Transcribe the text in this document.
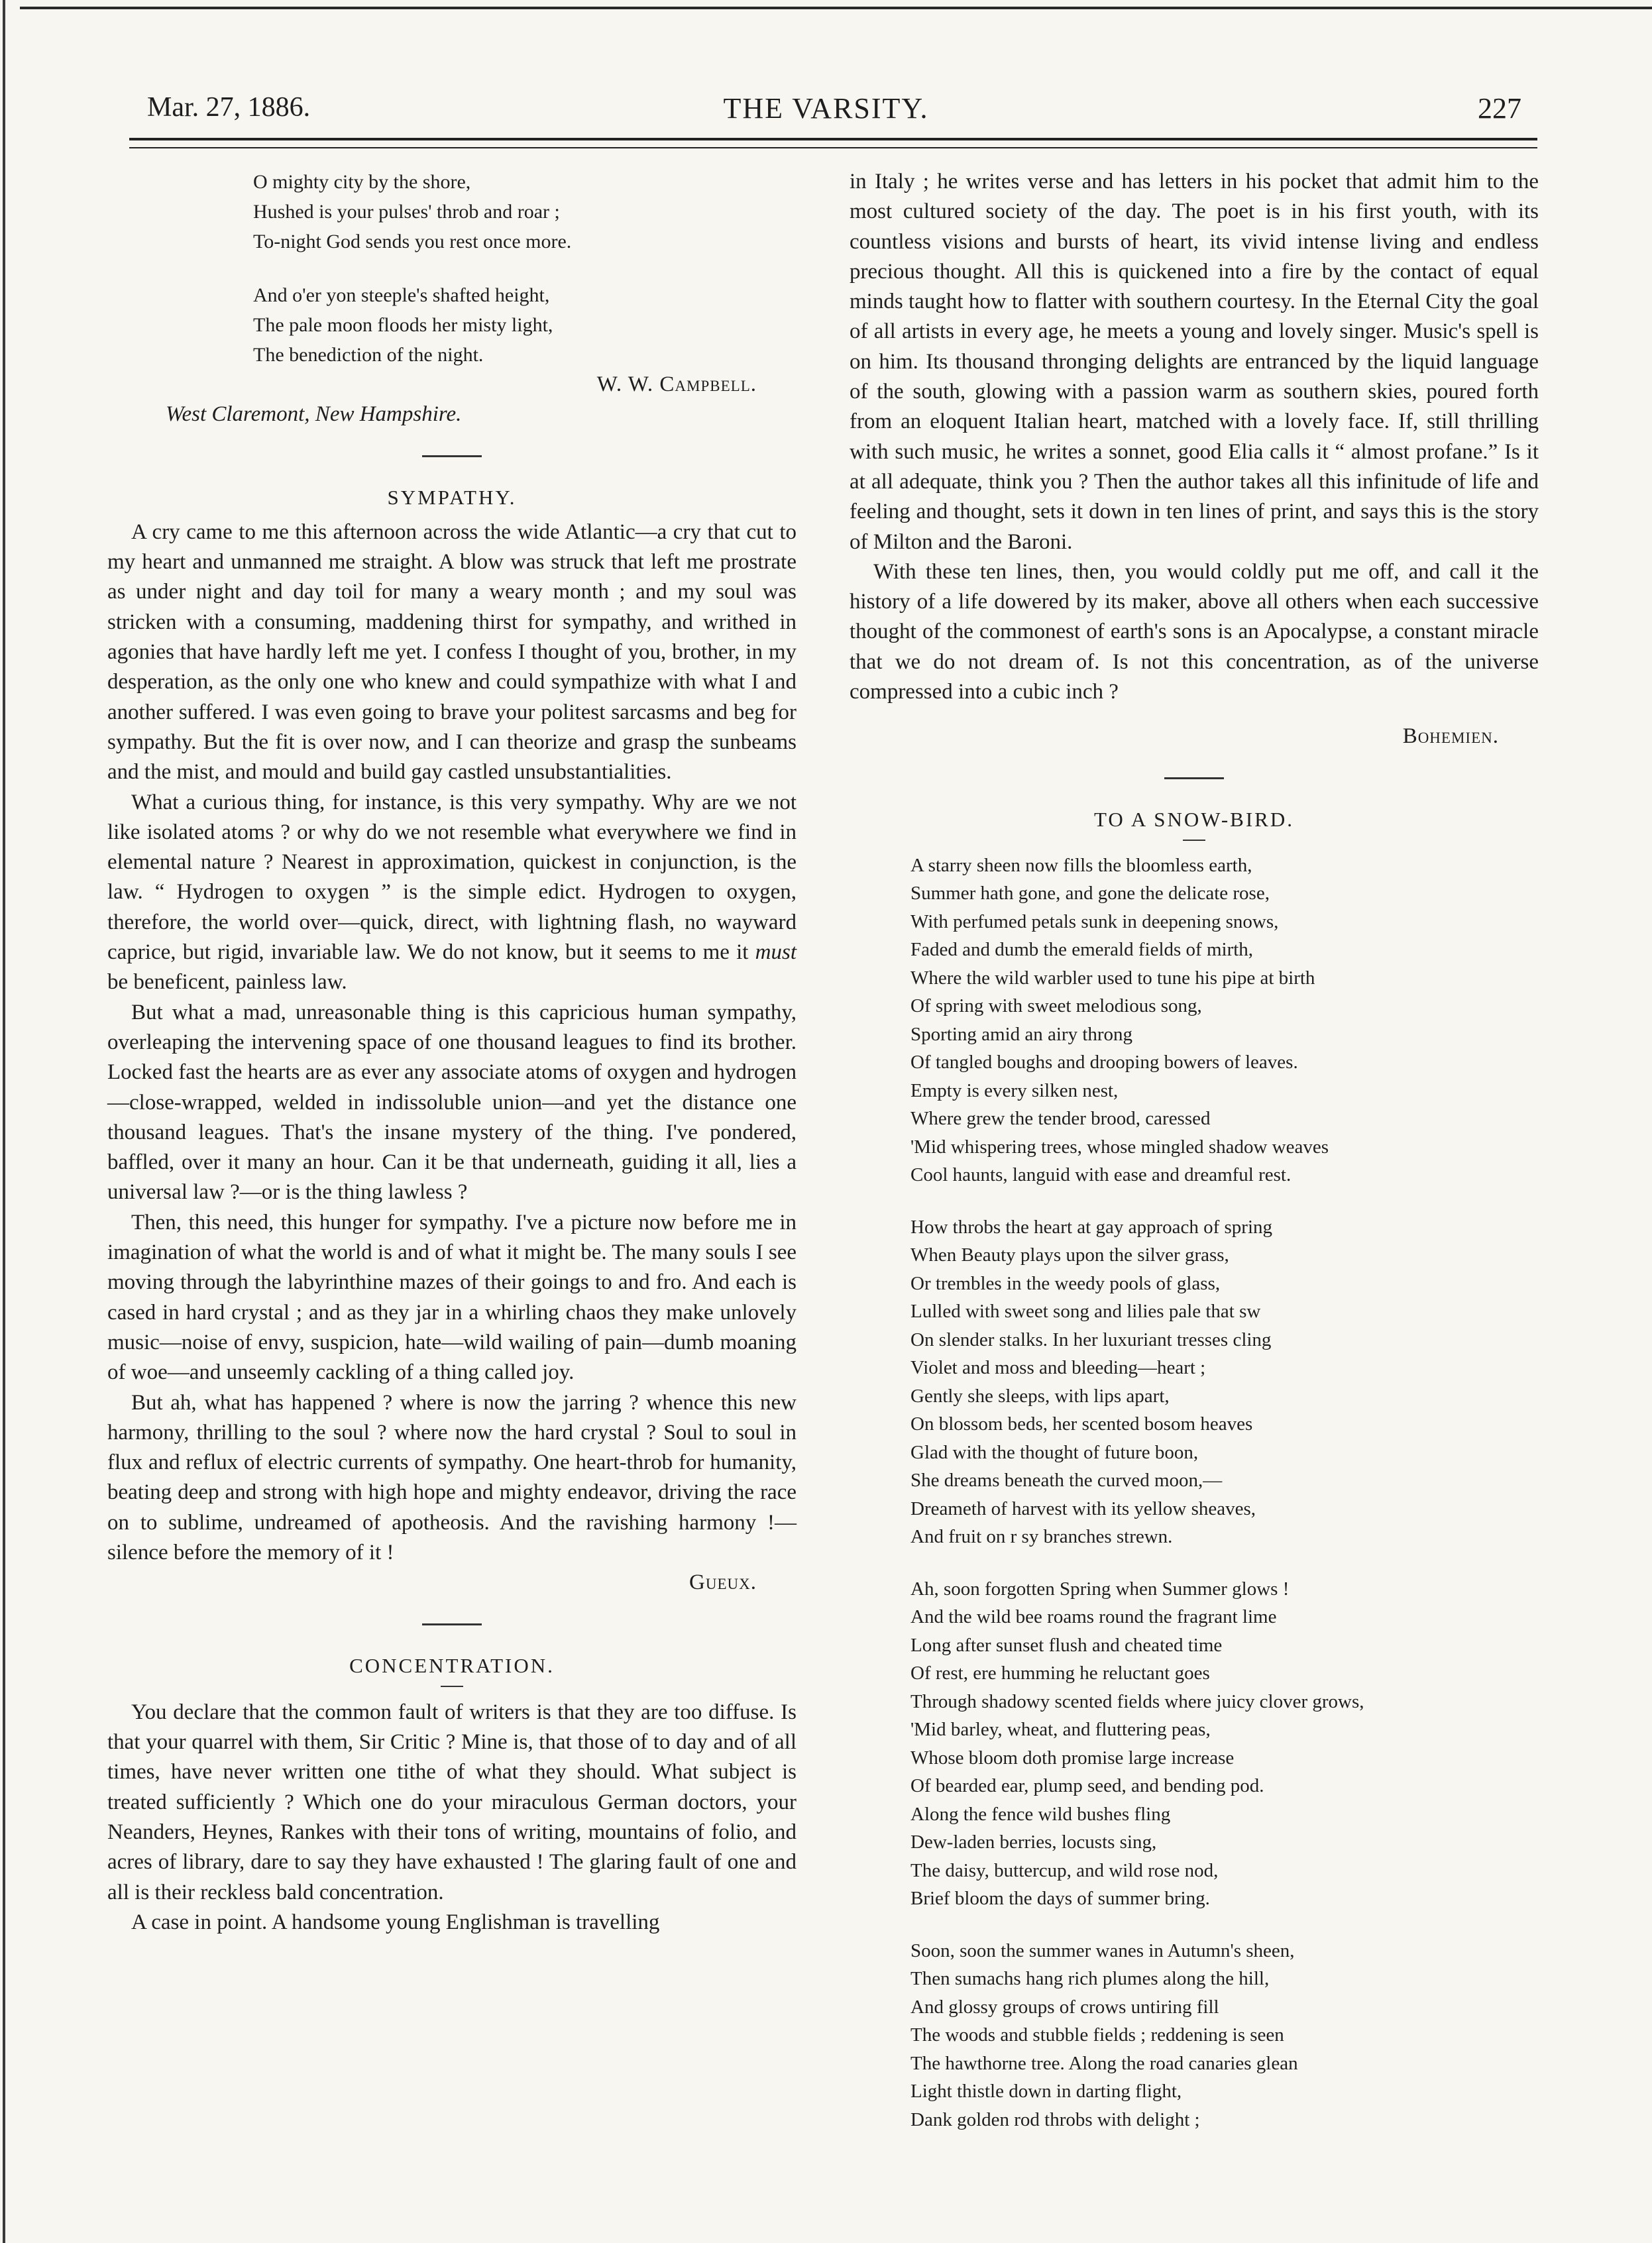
Mar. 27, 1886.	THE VARSITY.	227
O mighty city by the shore,
Hushed is your pulses' throb and roar ;
To-night God sends you rest once more.
And o'er yon steeple's shafted height,
The pale moon floods her misty light,
The benediction of the night.

W. W. Campbell.

West Claremont, New Hampshire.

SYMPATHY.

A cry came to me this afternoon across the wide Atlantic—a cry that cut to my heart and unmanned me straight. A blow was struck that left me prostrate as under night and day toil for many a weary month ; and my soul was stricken with a consuming, maddening thirst for sympathy, and writhed in agonies that have hardly left me yet. I confess I thought of you, brother, in my desperation, as the only one who knew and could sympathize with what I and another suffered. I was even going to brave your politest sarcasms and beg for sympathy. But the fit is over now, and I can theorize and grasp the sunbeams and the mist, and mould and build gay castled unsubstantialities.

What a curious thing, for instance, is this very sympathy. Why are we not like isolated atoms ? or why do we not resemble what everywhere we find in elemental nature ? Nearest in approximation, quickest in conjunction, is the law. “ Hydrogen to oxygen ” is the simple edict. Hydrogen to oxygen, therefore, the world over—quick, direct, with lightning flash, no wayward caprice, but rigid, invariable law. We do not know, but it seems to me it must be beneficent, painless law.

But what a mad, unreasonable thing is this capricious human sympathy, overleaping the intervening space of one thousand leagues to find its brother. Locked fast the hearts are as ever any associate atoms of oxygen and hydrogen—close-wrapped, welded in indissoluble union—and yet the distance one thousand leagues. That's the insane mystery of the thing. I've pondered, baffled, over it many an hour. Can it be that underneath, guiding it all, lies a universal law ?—or is the thing lawless ?

Then, this need, this hunger for sympathy. I've a picture now before me in imagination of what the world is and of what it might be. The many souls I see moving through the labyrinthine mazes of their goings to and fro. And each is cased in hard crystal ; and as they jar in a whirling chaos they make unlovely music—noise of envy, suspicion, hate—wild wailing of pain—dumb moaning of woe—and unseemly cackling of a thing called joy.

But ah, what has happened ? where is now the jarring ? whence this new harmony, thrilling to the soul ? where now the hard crystal ? Soul to soul in flux and reflux of electric currents of sympathy. One heart-throb for humanity, beating deep and strong with high hope and mighty endeavor, driving the race on to sublime, undreamed of apotheosis. And the ravishing harmony !—silence before the memory of it !

Gueux.

CONCENTRATION.

You declare that the common fault of writers is that they are too diffuse. Is that your quarrel with them, Sir Critic ? Mine is, that those of to day and of all times, have never written one tithe of what they should. What subject is treated sufficiently ? Which one do your miraculous German doctors, your Neanders, Heynes, Rankes with their tons of writing, mountains of folio, and acres of library, dare to say they have exhausted ! The glaring fault of one and all is their reckless bald concentration.

A case in point. A handsome young Englishman is travelling

in Italy ; he writes verse and has letters in his pocket that admit him to the most cultured society of the day. The poet is in his first youth, with its countless visions and bursts of heart, its vivid intense living and endless precious thought. All this is quickened into a fire by the contact of equal minds taught how to flatter with southern courtesy. In the Eternal City the goal of all artists in every age, he meets a young and lovely singer. Music's spell is on him. Its thousand thronging delights are entranced by the liquid language of the south, glowing with a passion warm as southern skies, poured forth from an eloquent Italian heart, matched with a lovely face. If, still thrilling with such music, he writes a sonnet, good Elia calls it “ almost profane.” Is it at all adequate, think you ? Then the author takes all this infinitude of life and feeling and thought, sets it down in ten lines of print, and says this is the story of Milton and the Baroni.

With these ten lines, then, you would coldly put me off, and call it the history of a life dowered by its maker, above all others when each successive thought of the commonest of earth's sons is an Apocalypse, a constant miracle that we do not dream of. Is not this concentration, as of the universe compressed into a cubic inch ?

Bohemien.

TO A SNOW-BIRD.
A starry sheen now fills the bloomless earth,
Summer hath gone, and gone the delicate rose,
With perfumed petals sunk in deepening snows,
Faded and dumb the emerald fields of mirth,
Where the wild warbler used to tune his pipe at birth
Of spring with sweet melodious song,
Sporting amid an airy throng
Of tangled boughs and drooping bowers of leaves.
Empty is every silken nest,
Where grew the tender brood, caressed
'Mid whispering trees, whose mingled shadow weaves
Cool haunts, languid with ease and dreamful rest.
How throbs the heart at gay approach of spring
When Beauty plays upon the silver grass,
Or trembles in the weedy pools of glass,
Lulled with sweet song and lilies pale that sw
On slender stalks. In her luxuriant tresses cling
Violet and moss and bleeding—heart ;
Gently she sleeps, with lips apart,
On blossom beds, her scented bosom heaves
Glad with the thought of future boon,
She dreams beneath the curved moon,—
Dreameth of harvest with its yellow sheaves,
And fruit on r sy branches strewn.
Ah, soon forgotten Spring when Summer glows !
And the wild bee roams round the fragrant lime
Long after sunset flush and cheated time
Of rest, ere humming he reluctant goes
Through shadowy scented fields where juicy clover grows,
'Mid barley, wheat, and fluttering peas,
Whose bloom doth promise large increase
Of bearded ear, plump seed, and bending pod.
Along the fence wild bushes fling
Dew-laden berries, locusts sing,
The daisy, buttercup, and wild rose nod,
Brief bloom the days of summer bring.
Soon, soon the summer wanes in Autumn's sheen,
Then sumachs hang rich plumes along the hill,
And glossy groups of crows untiring fill
The woods and stubble fields ; reddening is seen
The hawthorne tree. Along the road canaries glean
Light thistle down in darting flight,
Dank golden rod throbs with delight ;
